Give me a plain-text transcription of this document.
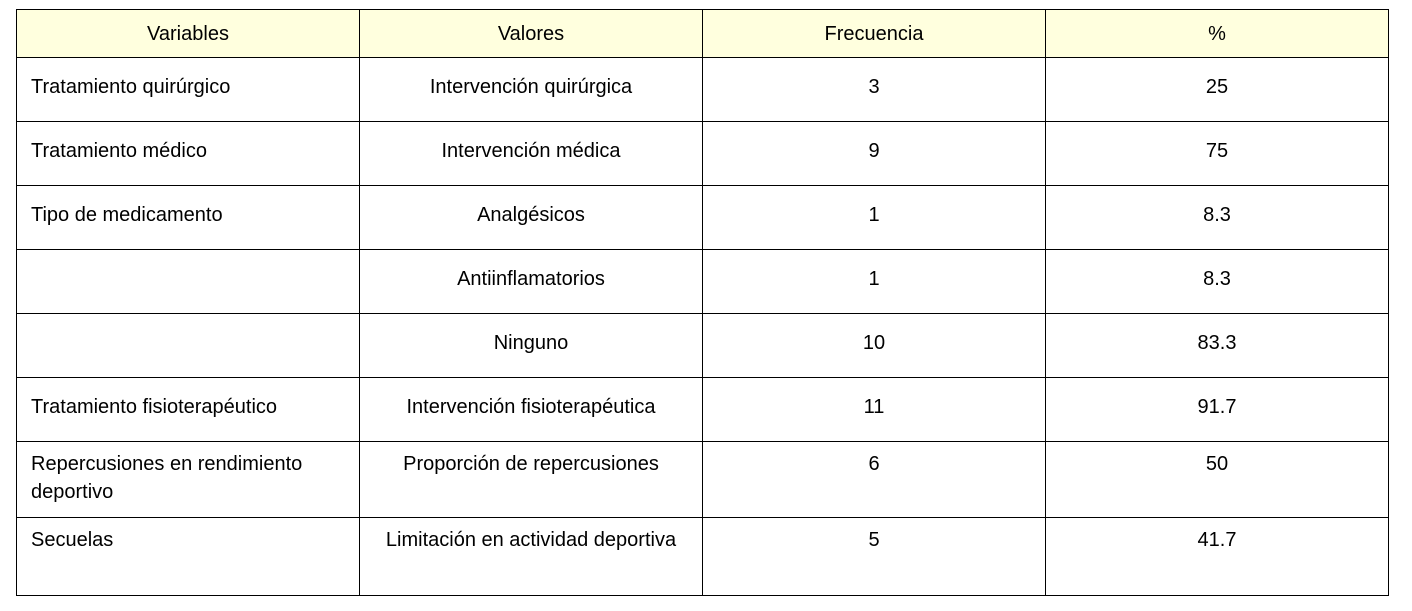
Variables	Valores	Frecuencia	%
Tratamiento quirúrgico	Intervención quirúrgica	3	25
Tratamiento médico	Intervención médica	9	75
Tipo de medicamento	Analgésicos	1	8.3
	Antiinflamatorios	1	8.3
	Ninguno	10	83.3
Tratamiento fisioterapéutico	Intervención fisioterapéutica	11	91.7
Repercusiones en rendimiento deportivo	Proporción de repercusiones	6	50
Secuelas	Limitación en actividad deportiva	5	41.7
